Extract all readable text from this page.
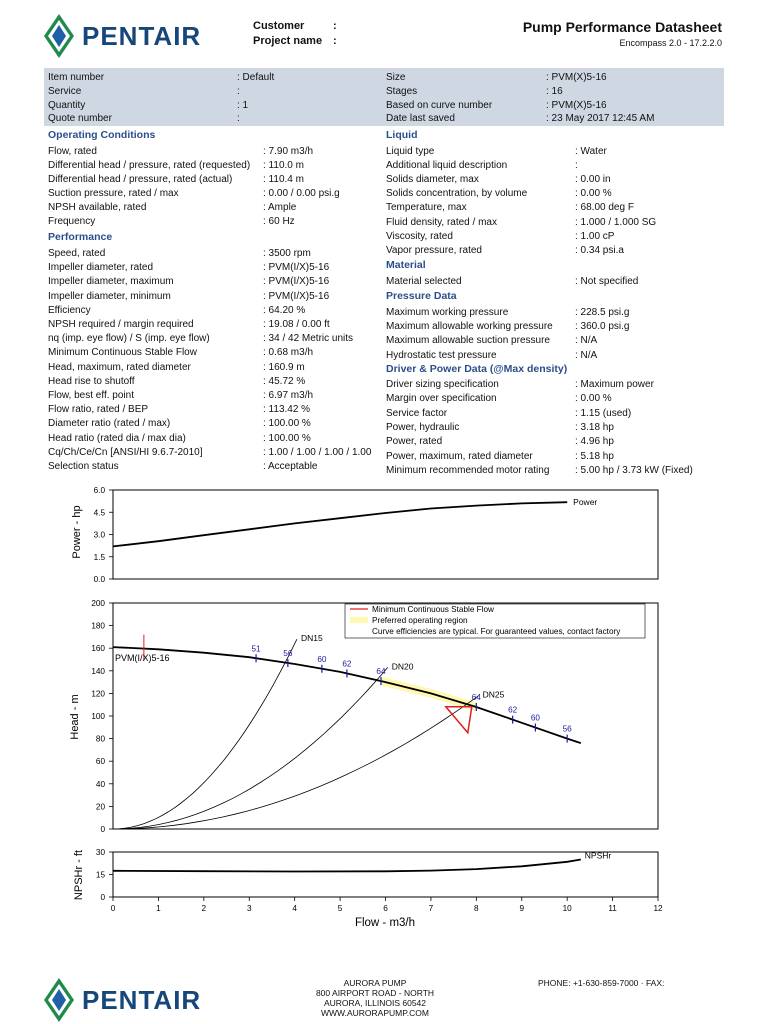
PENTAIR	Customer	:
Project name :
Pump Performance Datasheet
Encompass 2.0 - 17.2.2.0
Item number	: Default
Service	:
Quantity	: 1
Quote number	:
Size	: PVM(X)5-16
Stages	: 16
Based on curve number	: PVM(X)5-16
Date last saved	: 23 May 2017 12:45 AM
Operating Conditions
Performance
Liquid
Material
Pressure Data
Driver & Power Data (@Max density)
Flow, rated	: 7.90 m3/h
Differential head / pressure, rated (requested) : 110.0 m
Differential head / pressure, rated (actual)	: 110.4 m
Suction pressure, rated / max	: 0.00 / 0.00 psi.g
NPSH available, rated	: Ample
Frequency	: 60 Hz
Speed, rated	: 3500 rpm
Impeller diameter, rated	: PVM(I/X)5-16
Impeller diameter, maximum	: PVM(I/X)5-16
Impeller diameter, minimum	: PVM(I/X)5-16
Efficiency	: 64.20 %
NPSH required / margin required	: 19.08 / 0.00 ft
nq (imp. eye flow) / S (imp. eye flow)	: 34 / 42 Metric units
Minimum Continuous Stable Flow	: 0.68 m3/h
Head, maximum, rated diameter	: 160.9 m
Head rise to shutoff	: 45.72 %
Flow, best eff. point	: 6.97 m3/h
Flow ratio, rated / BEP	: 113.42 %
Diameter ratio (rated / max)	: 100.00 %
Head ratio (rated dia / max dia)	: 100.00 %
Cq/Ch/Ce/Cn [ANSI/HI 9.6.7-2010]	: 1.00 / 1.00 / 1.00 / 1.00
Selection status	: Acceptable
Liquid type	: Water
Additional liquid description	:
Solids diameter, max	: 0.00 in
Solids concentration, by volume	: 0.00 %
Temperature, max	: 68.00 deg F
Fluid density, rated / max	: 1.000 / 1.000 SG
Viscosity, rated	: 1.00 cP
Vapor pressure, rated	: 0.34 psi.a
Material selected	: Not specified
Maximum working pressure	: 228.5 psi.g
Maximum allowable working pressure : 360.0 psi.g
Maximum allowable suction pressure	: N/A
Hydrostatic test pressure	: N/A
Driver sizing specification	: Maximum power
Margin over specification	: 0.00 %
Service factor	: 1.15 (used)
Power, hydraulic	: 3.18 hp
Power, rated	: 4.96 hp
Power, maximum, rated diameter	: 5.18 hp
Minimum recommended motor rating	: 5.00 hp / 3.73 kW (Fixed)
Power - hp
0.0
1.5
3.0
4.5
6.0
Power
Head - m
0
20
40
60
80
100
120
140
160
180
200
DN15
DN20
DN25
51
56
60
62
64
64
62
60
56
PVM(I/X)5-16
Minimum Continuous Stable Flow
Preferred operating region
Curve efficiencies are typical. For guaranteed values, contact factory
NPSHr - ft 0
15
30
0	1	2	3	4	5	6	7	8	9	10	11	12
NPSHr
Flow - m3/h
PENTAIR
AURORA PUMP
800 AIRPORT ROAD - NORTH
AURORA, ILLINOIS 60542
WWW.AURORAPUMP.COM
PHONE: +1-630-859-7000 · FAX:
